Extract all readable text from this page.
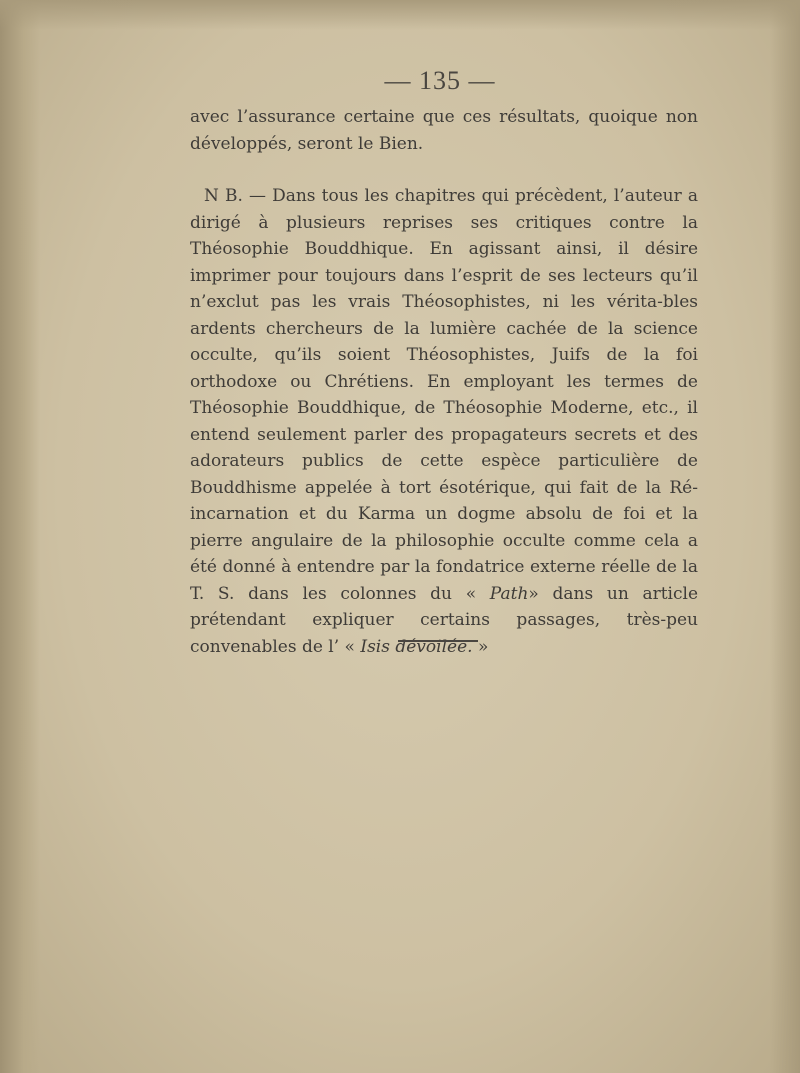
— 135 —

avec l’assurance certaine que ces résultats, quoique non développés, seront le Bien.

N B. — Dans tous les chapitres qui précèdent, l’auteur a dirigé à plusieurs reprises ses critiques contre la Théosophie Bouddhique. En agissant ainsi, il désire imprimer pour toujours dans l’esprit de ses lecteurs qu’il n’exclut pas les vrais Théosophistes, ni les vérita-bles ardents chercheurs de la lumière cachée de la science occulte, qu’ils soient Théosophistes, Juifs de la foi orthodoxe ou Chrétiens. En employant les termes de Théosophie Bouddhique, de Théosophie Moderne, etc., il entend seulement parler des propagateurs secrets et des adorateurs publics de cette espèce particulière de Bouddhisme appelée à tort ésotérique, qui fait de la Ré-incarnation et du Karma un dogme absolu de foi et la pierre angulaire de la philosophie occulte comme cela a été donné à entendre par la fondatrice externe réelle de la T. S. dans les colonnes du « Path» dans un article prétendant expliquer certains passages, très-peu convenables de l’ « Isis dévoilée. »
